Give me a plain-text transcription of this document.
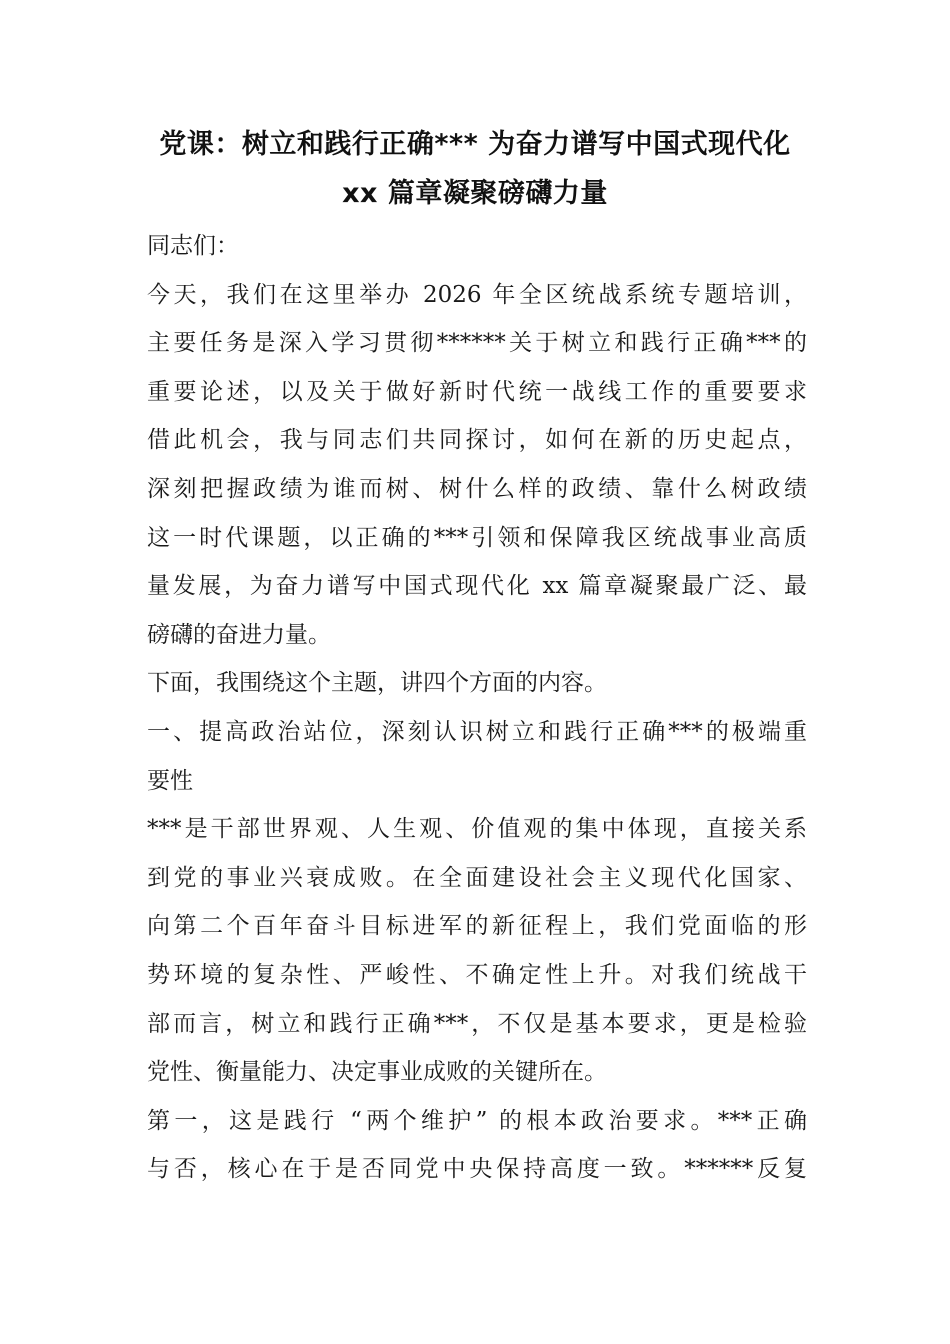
党课：树立和践行正确*** 为奋力谱写中国式现代化
xx 篇章凝聚磅礴力量
同志们：
今天，我们在这里举办 2026 年全区统战系统专题培训，
主要任务是深入学习贯彻******关于树立和践行正确***的
重要论述，以及关于做好新时代统一战线工作的重要要求
借此机会，我与同志们共同探讨，如何在新的历史起点，
深刻把握政绩为谁而树、树什么样的政绩、靠什么树政绩
这一时代课题，以正确的***引领和保障我区统战事业高质
量发展，为奋力谱写中国式现代化 xx 篇章凝聚最广泛、最
磅礴的奋进力量。
下面，我围绕这个主题，讲四个方面的内容。
一、提高政治站位，深刻认识树立和践行正确***的极端重
要性
***是干部世界观、人生观、价值观的集中体现，直接关系
到党的事业兴衰成败。在全面建设社会主义现代化国家、
向第二个百年奋斗目标进军的新征程上，我们党面临的形
势环境的复杂性、严峻性、不确定性上升。对我们统战干
部而言，树立和践行正确***，不仅是基本要求，更是检验
党性、衡量能力、决定事业成败的关键所在。
第一，这是践行 “两个维护” 的根本政治要求。***正确
与否，核心在于是否同党中央保持高度一致。******反复
